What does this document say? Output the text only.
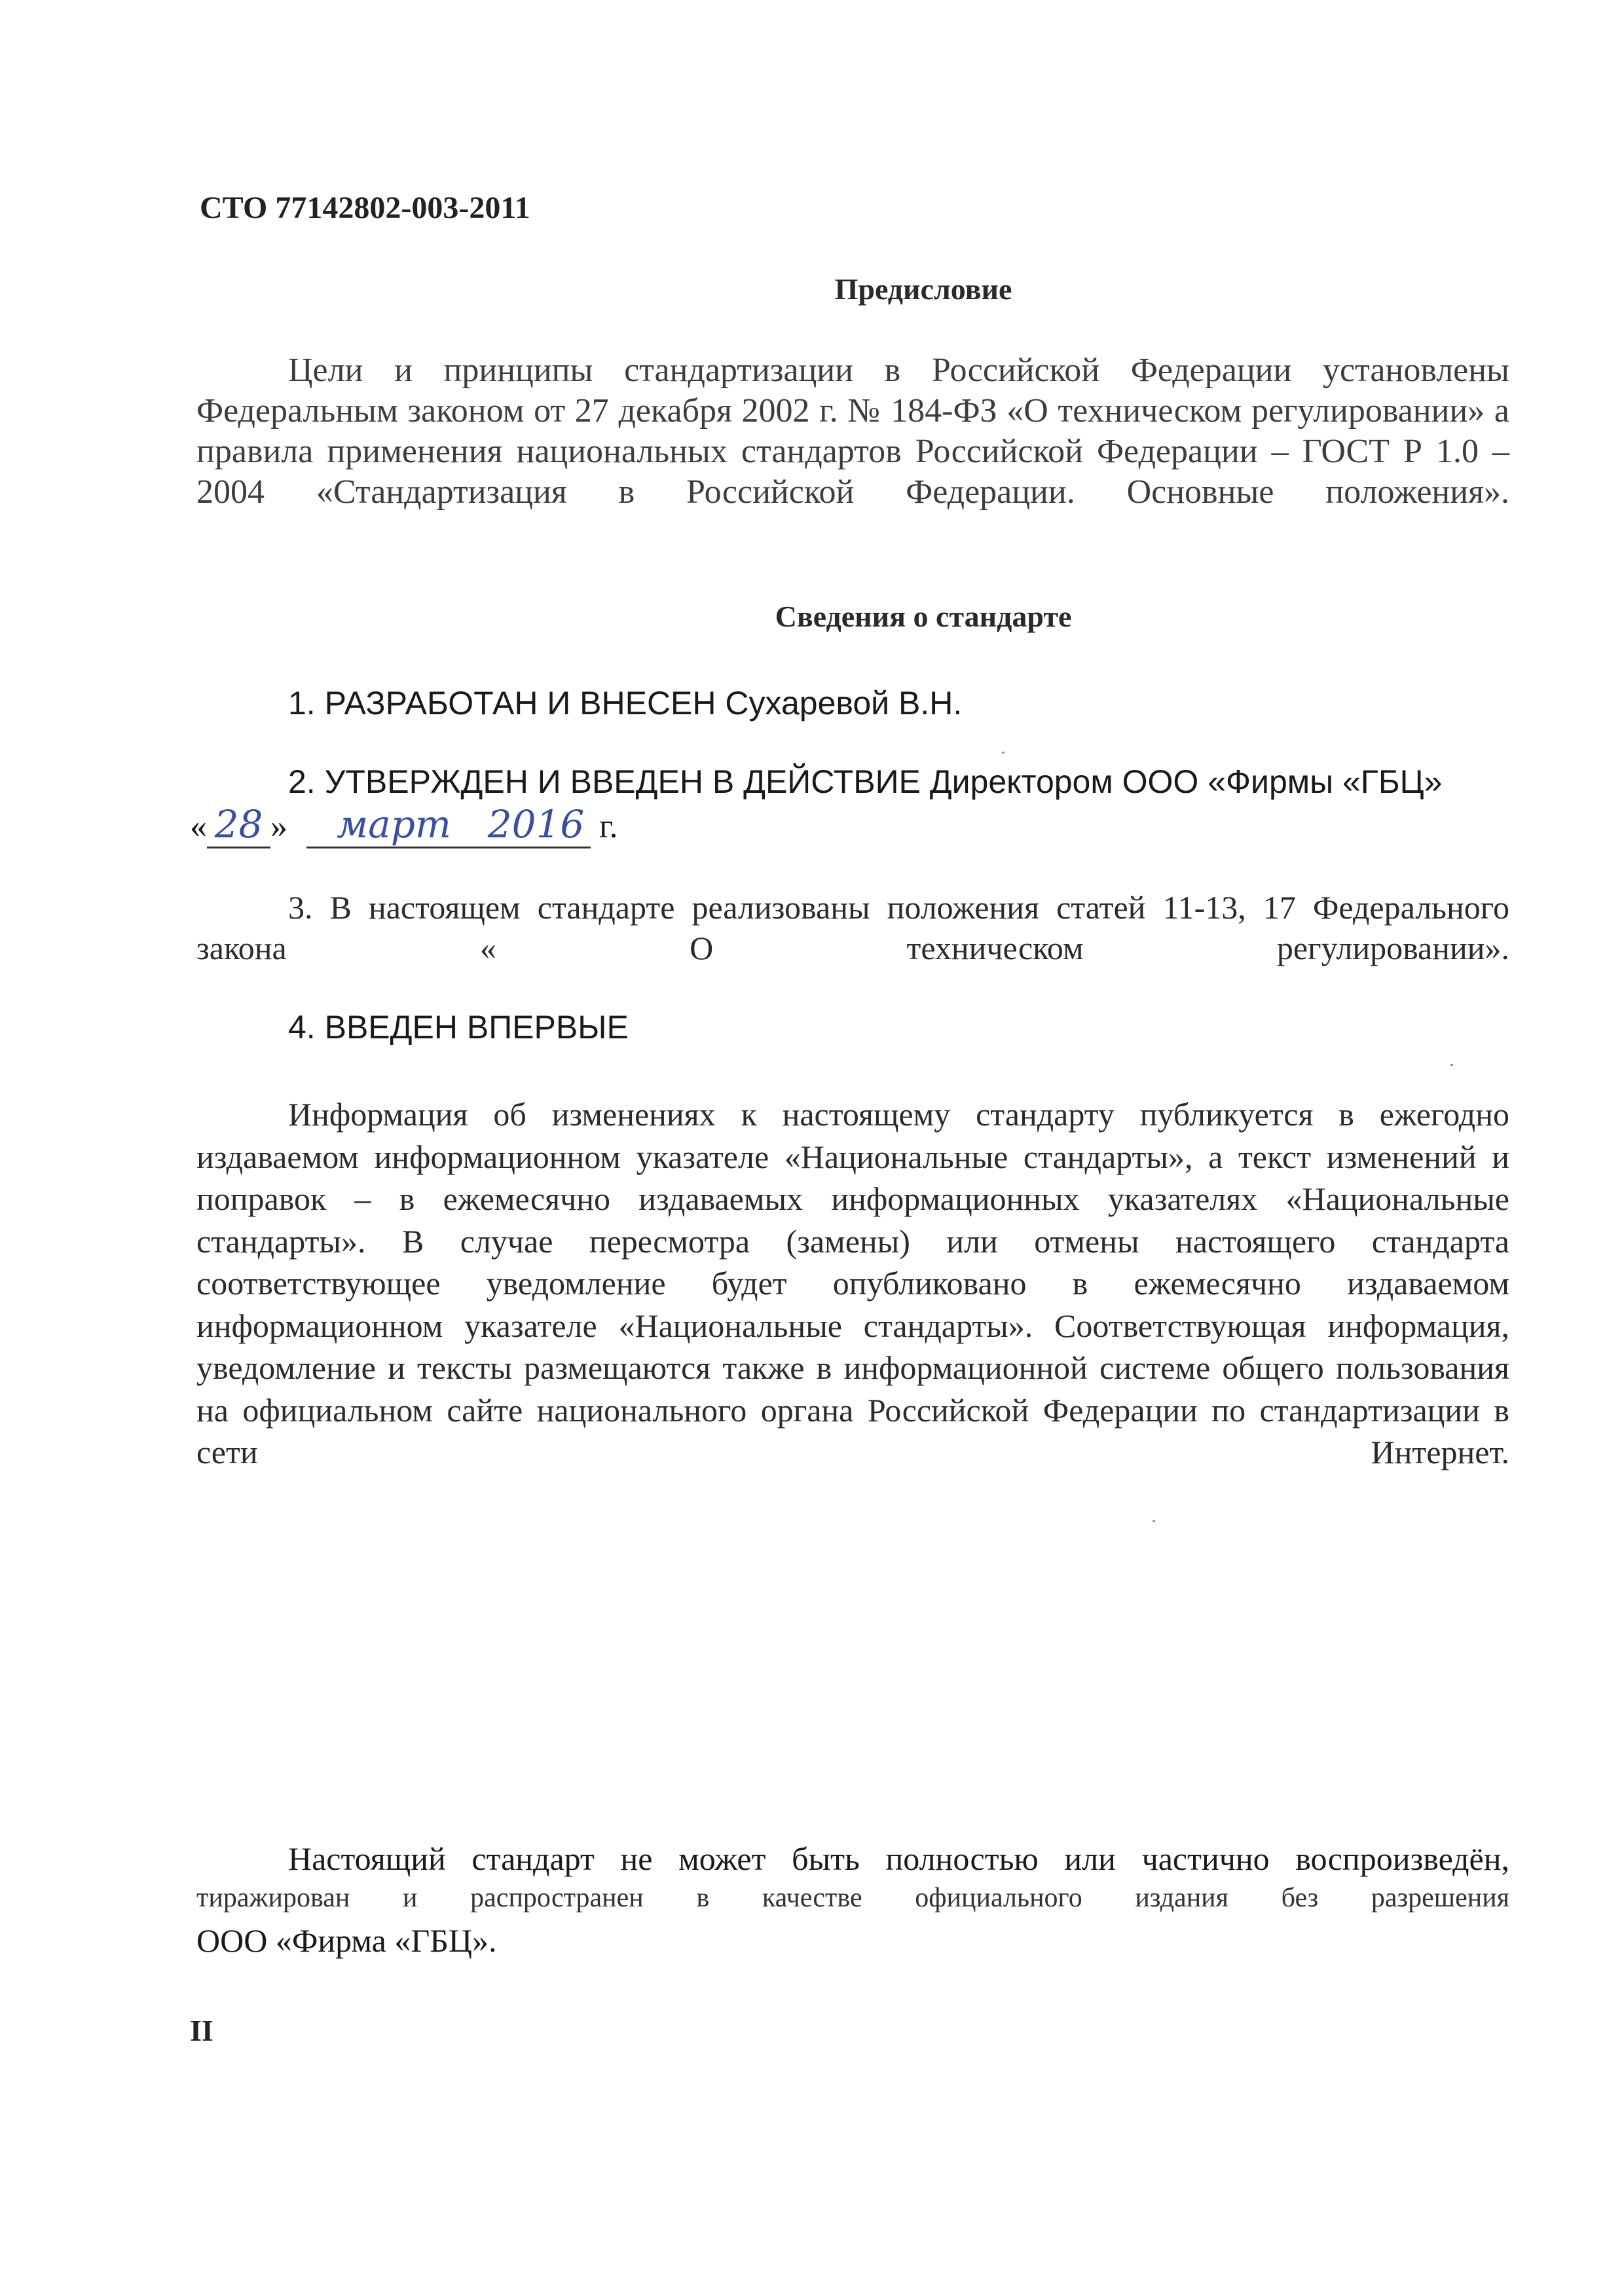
СТО 77142802-003-2011
Предисловие
Цели и принципы стандартизации в Российской Федерации установлены Федеральным законом от 27 декабря 2002 г. № 184-ФЗ «О техническом регулировании» а правила применения национальных стандартов Российской Федерации – ГОСТ Р 1.0 – 2004 «Стандартизация в Российской Федерации. Основные положения».
Сведения о стандарте
1. РАЗРАБОТАН И ВНЕСЕН Сухаревой В.Н.
2. УТВЕРЖДЕН И ВВЕДЕН В ДЕЙСТВИЕ Директором ООО «Фирмы «ГБЦ»
« 28 » март 2016 г.
3. В настоящем стандарте реализованы положения статей 11-13, 17 Федерального закона « О техническом регулировании».
4. ВВЕДЕН ВПЕРВЫЕ
Информация об изменениях к настоящему стандарту публикуется в ежегодно издаваемом информационном указателе «Национальные стандарты», а текст изменений и поправок – в ежемесячно издаваемых информационных указателях «Национальные стандарты». В случае пересмотра (замены) или отмены настоящего стандарта соответствующее уведомление будет опубликовано в ежемесячно издаваемом информационном указателе «Национальные стандарты». Соответствующая информация, уведомление и тексты размещаются также в информационной системе общего пользования на официальном сайте национального органа Российской Федерации по стандартизации в сети Интернет.
Настоящий стандарт не может быть полностью или частично воспроизведён,
тиражирован и распространен в качестве официального издания без разрешения
ООО «Фирма «ГБЦ».
II
